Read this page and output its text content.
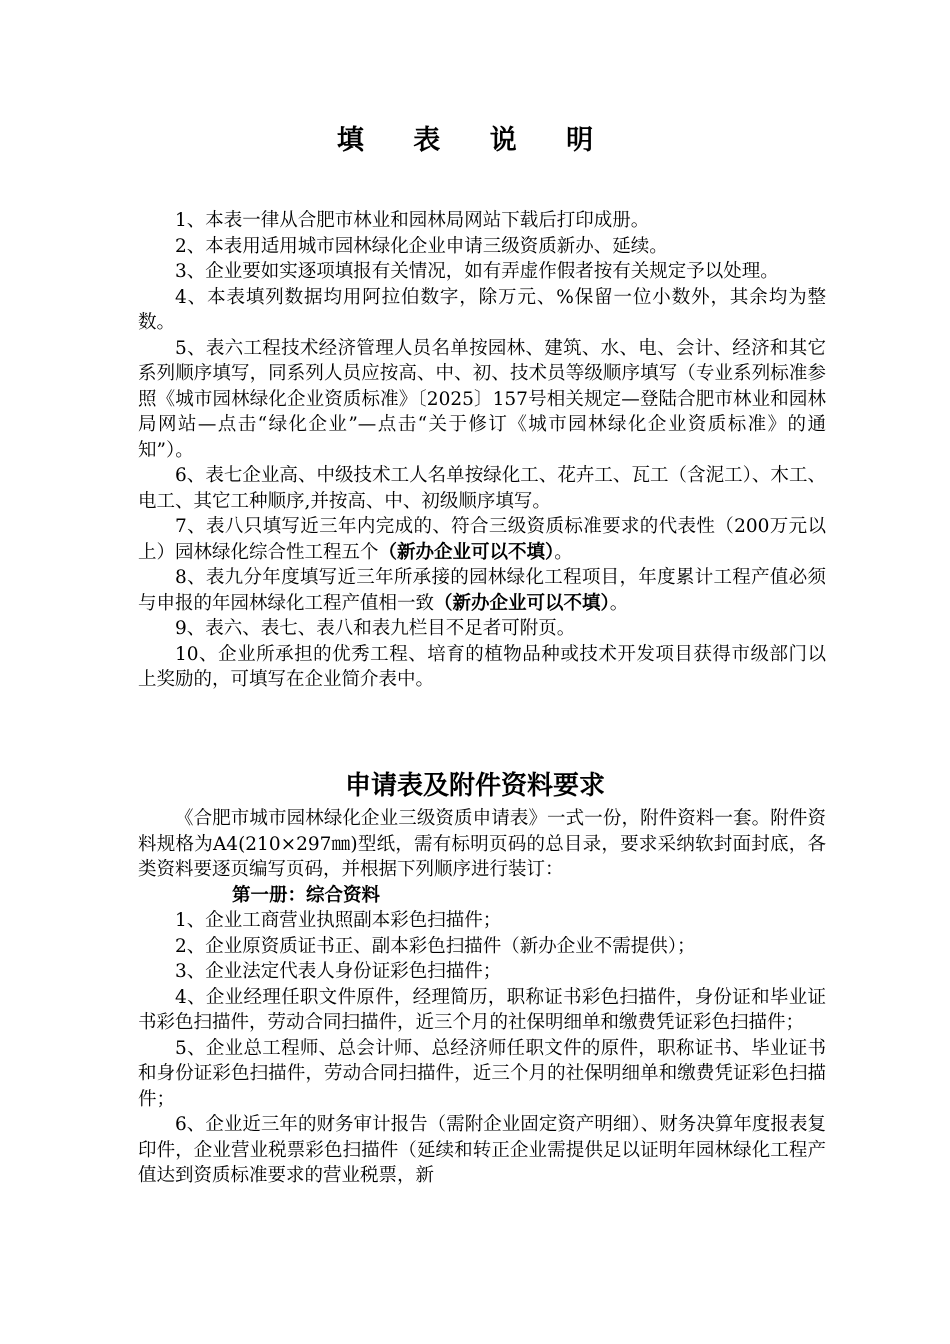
填 表 说 明

1、本表一律从合肥市林业和园林局网站下载后打印成册。

2、本表用适用城市园林绿化企业申请三级资质新办、延续。

3、企业要如实逐项填报有关情况，如有弄虚作假者按有关规定予以处理。

4、本表填列数据均用阿拉伯数字，除万元、%保留一位小数外，其余均为整数。

5、表六工程技术经济管理人员名单按园林、建筑、水、电、会计、经济和其它系列顺序填写，同系列人员应按高、中、初、技术员等级顺序填写（专业系列标准参照《城市园林绿化企业资质标准》〔2025〕157号相关规定—登陆合肥市林业和园林局网站—点击“绿化企业”—点击“关于修订《城市园林绿化企业资质标准》的通知”）。

6、表七企业高、中级技术工人名单按绿化工、花卉工、瓦工（含泥工）、木工、电工、其它工种顺序,并按高、中、初级顺序填写。

7、表八只填写近三年内完成的、符合三级资质标准要求的代表性（200万元以上）园林绿化综合性工程五个（新办企业可以不填）。

8、表九分年度填写近三年所承接的园林绿化工程项目，年度累计工程产值必须与申报的年园林绿化工程产值相一致（新办企业可以不填）。

9、表六、表七、表八和表九栏目不足者可附页。

10、企业所承担的优秀工程、培育的植物品种或技术开发项目获得市级部门以上奖励的，可填写在企业简介表中。

申请表及附件资料要求

《合肥市城市园林绿化企业三级资质申请表》一式一份，附件资料一套。附件资料规格为A4(210×297㎜)型纸，需有标明页码的总目录，要求采纳软封面封底，各类资料要逐页编写页码，并根据下列顺序进行装订：

第一册：综合资料

1、企业工商营业执照副本彩色扫描件；

2、企业原资质证书正、副本彩色扫描件（新办企业不需提供）；

3、企业法定代表人身份证彩色扫描件；

4、企业经理任职文件原件，经理简历，职称证书彩色扫描件，身份证和毕业证书彩色扫描件，劳动合同扫描件，近三个月的社保明细单和缴费凭证彩色扫描件；

5、企业总工程师、总会计师、总经济师任职文件的原件，职称证书、毕业证书和身份证彩色扫描件，劳动合同扫描件，近三个月的社保明细单和缴费凭证彩色扫描件；

6、企业近三年的财务审计报告（需附企业固定资产明细）、财务决算年度报表复印件，企业营业税票彩色扫描件（延续和转正企业需提供足以证明年园林绿化工程产值达到资质标准要求的营业税票，新
